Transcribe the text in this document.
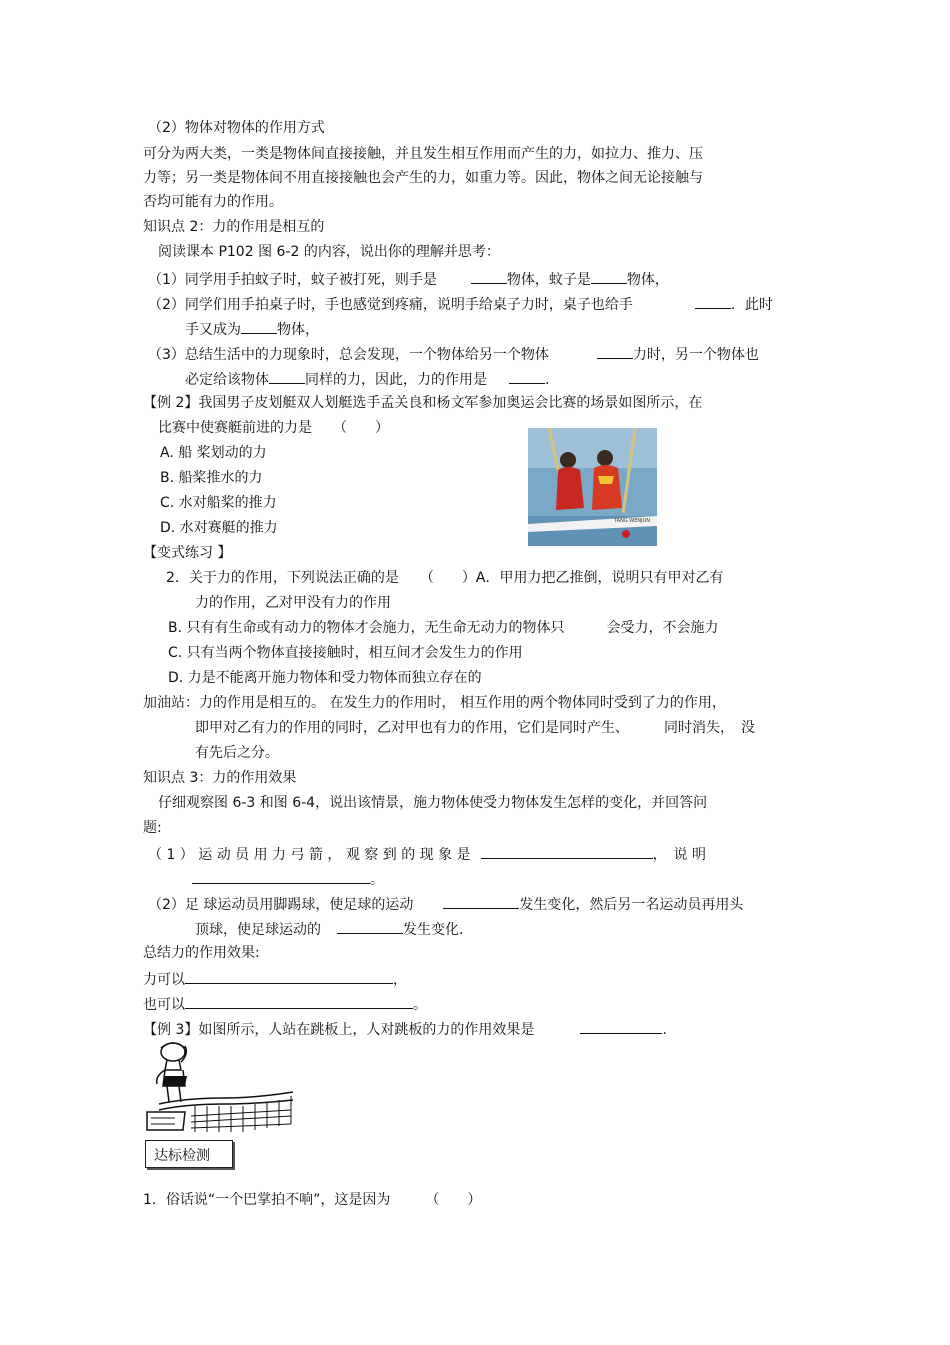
（2）物体对物体的作用方式
可分为两大类，一类是物体间直接接触，并且发生相互作用而产生的力，如拉力、推力、压
力等；另一类是物体间不用直接接触也会产生的力，如重力等。因此，物体之间无论接触与
否均可能有力的作用。
知识点 2：力的作用是相互的
阅读课本 P102 图 6-2 的内容，说出你的理解并思考：
（1）同学用手拍蚊子时，蚊子被打死，则手是	物体，蚊子是	物体，
（2）同学们用手拍桌子时，手也感觉到疼痛，说明手给桌子力时，桌子也给手	．此时
手又成为	物体，
（3）总结生活中的力现象时，总会发现，一个物体给另一个物体	力时，另一个物体也
必定给该物体	同样的力，因此，力的作用是	.
【例 2】我国男子皮划艇双人划艇选手孟关良和杨文军参加奥运会比赛的场景如图所示，在
比赛中使赛艇前进的力是　　（　　）
A. 船 桨划动的力
B. 船桨推水的力
C. 水对船桨的推力
D. 水对赛艇的推力	TANG WENJUN
【变式练习 】
2．关于力的作用，下列说法正确的是　　（　　）A．甲用力把乙推倒，说明只有甲对乙有
力的作用，乙对甲没有力的作用
B. 只有有生命或有动力的物体才会施力，无生命无动力的物体只　　　会受力，不会施力
C. 只有当两个物体直接接触时，相互间才会发生力的作用
D. 力是不能离开施力物体和受力物体而独立存在的
加油站：力的作用是相互的。 在发生力的作用时， 相互作用的两个物体同时受到了力的作用，
即甲对乙有力的作用的同时，乙对甲也有力的作用，它们是同时产生、　　　同时消失，　没
有先后之分。
知识点 3：力的作用效果
仔细观察图 6-3 和图 6-4，说出该情景，施力物体使受力物体发生怎样的变化，并回答问
题:
（ 1 ） 运 动 员 用 力 弓 箭 ， 观 察 到 的 现 象 是	，　说 明
。
（2）足 球运动员用脚踢球，使足球的运动	发生变化，然后另一名运动员再用头
顶球，使足球运动的	发生变化.
总结力的作用效果:
力可以	，
也可以	。
【例 3】如图所示，人站在跳板上，人对跳板的力的作用效果是	.
达标检测
1．俗话说“一个巴掌拍不响”，这是因为　　　（　　）
